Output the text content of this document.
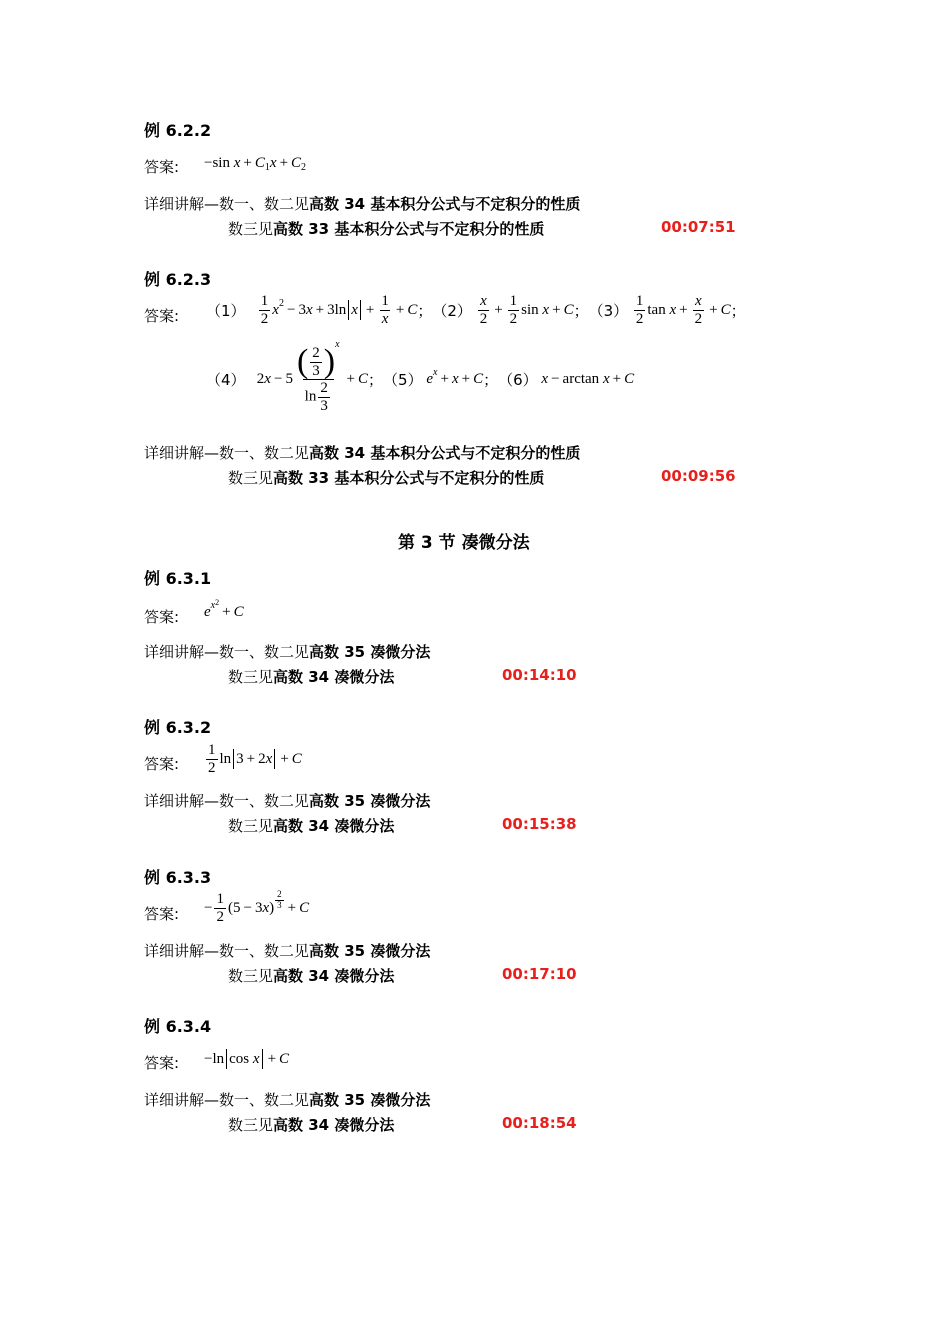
例 6.2.2
答案: − sin
x + C 1 x + C 2
详细讲解—数一、数二见高数 34 基本积分公式与不定积分的性质
数三见高数 33 基本积分公式与不定积分的性质	00:07:51
例 6.2.3
答案: （1）
$\frac{1}{2}$ x 2 − 3 x + 3ln $x + \frac{1}{x} + C$ ； （2）
$\frac{x}{2} + \frac{1}{2}$ sin x + C ； （3）
$\frac{1}{2}$ $\tan x + \frac{x}{2} + C$ ；
（4） 2 $x - 5 \frac{( \frac{2}{3} ) x}{\ln \frac{2}{3}} + C$ ； （5）
e x + x + C ； （6）
x − arctan x + C
详细讲解—数一、数二见高数 34 基本积分公式与不定积分的性质
数三见高数 33 基本积分公式与不定积分的性质	00:09:56
第 3 节 凑微分法
例 6.3.1
答案: e $x^2$
+ C
详细讲解—数一、数二见高数 35 凑微分法
数三见高数 34 凑微分法	00:14:10
例 6.3.2
答案: $\frac{1}{2}$ ln 3 + 2 x + C
详细讲解—数一、数二见高数 35 凑微分法
数三见高数 34 凑微分法	00:15:38
例 6.3.3
答案: − $\frac{1}{2} (5 - 3$ x ) $\frac{2}{3} + C$
详细讲解—数一、数二见高数 35 凑微分法
数三见高数 34 凑微分法	00:17:10
例 6.3.4
答案: − ln cos x + C
详细讲解—数一、数二见高数 35 凑微分法
数三见高数 34 凑微分法	00:18:54
